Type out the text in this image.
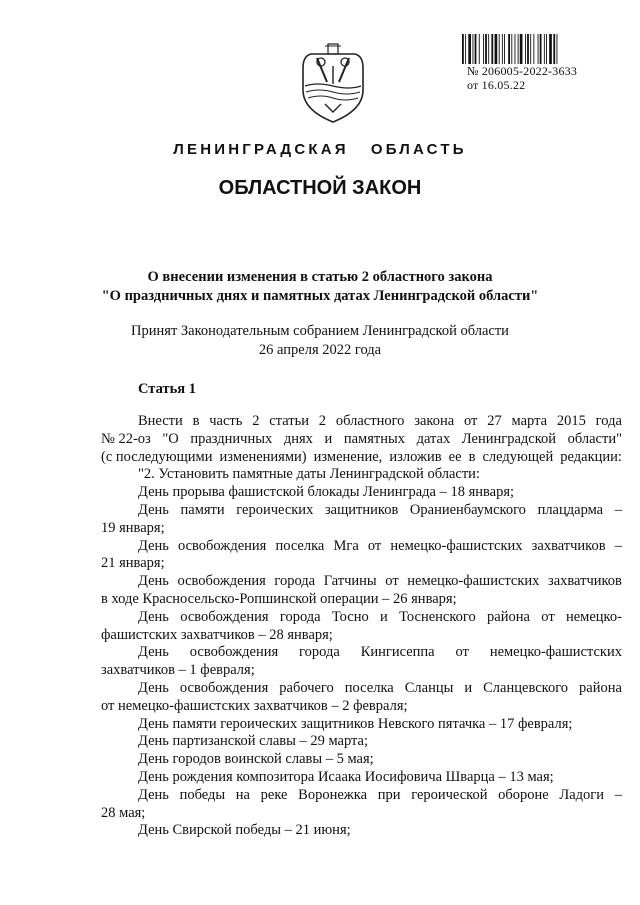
№ 206005-2022-3633
от 16.05.22
ЛЕНИНГРАДСКАЯ   ОБЛАСТЬ
ОБЛАСТНОЙ ЗАКОН
О внесении изменения в статью 2 областного закона
"О праздничных днях и памятных датах Ленинградской области"
Принят Законодательным собранием Ленинградской области
26 апреля 2022 года
Статья 1
Внести в часть 2 статьи 2 областного закона от 27 марта 2015 года
№ 22-оз "О праздничных днях и памятных датах Ленинградской области"
(с последующими изменениями) изменение, изложив ее в следующей редакции:
"2. Установить памятные даты Ленинградской области:
День прорыва фашистской блокады Ленинграда – 18 января;
День памяти героических защитников Ораниенбаумского плацдарма –
19 января;
День освобождения поселка Мга от немецко-фашистских захватчиков –
21 января;
День освобождения города Гатчины от немецко-фашистских захватчиков
в ходе Красносельско-Ропшинской операции – 26 января;
День освобождения города Тосно и Тосненского района от немецко-
фашистских захватчиков – 28 января;
День освобождения города Кингисеппа от немецко-фашистских
захватчиков – 1 февраля;
День освобождения рабочего поселка Сланцы и Сланцевского района
от немецко-фашистских захватчиков – 2 февраля;
День памяти героических защитников Невского пятачка – 17 февраля;
День партизанской славы – 29 марта;
День городов воинской славы – 5 мая;
День рождения композитора Исаака Иосифовича Шварца – 13 мая;
День победы на реке Воронежка при героической обороне Ладоги –
28 мая;
День Свирской победы – 21 июня;
